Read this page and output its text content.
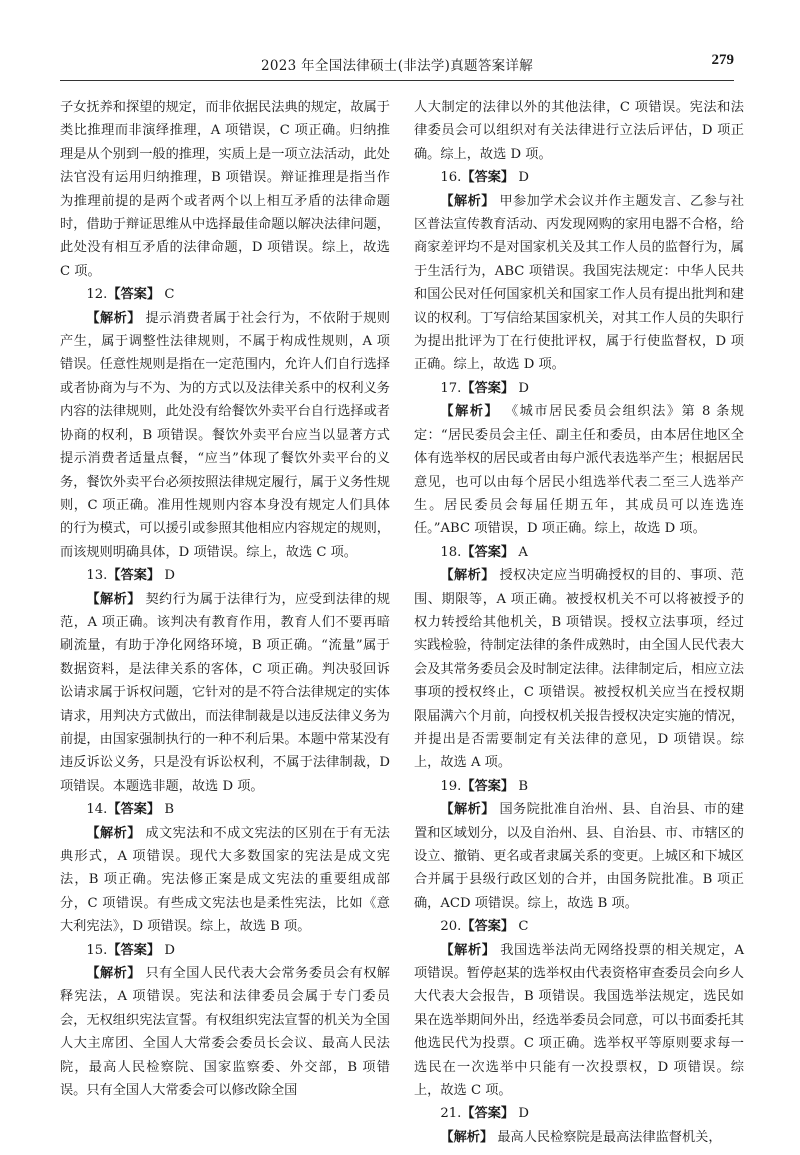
2023 年全国法律硕士(非法学)真题答案详解	279

子女抚养和探望的规定，而非依据民法典的规定，故属于类比推理而非演绎推理，A 项错误，C 项正确。归纳推理是从个别到一般的推理，实质上是一项立法活动，此处法官没有运用归纳推理，B 项错误。辩证推理是指当作为推理前提的是两个或者两个以上相互矛盾的法律命题时，借助于辩证思维从中选择最佳命题以解决法律问题，此处没有相互矛盾的法律命题，D 项错误。综上，故选 C 项。

12.【答案】 C

【解析】 提示消费者属于社会行为，不依附于规则产生，属于调整性法律规则，不属于构成性规则，A 项错误。任意性规则是指在一定范围内，允许人们自行选择或者协商为与不为、为的方式以及法律关系中的权利义务内容的法律规则，此处没有给餐饮外卖平台自行选择或者协商的权利，B 项错误。餐饮外卖平台应当以显著方式提示消费者适量点餐，“应当”体现了餐饮外卖平台的义务，餐饮外卖平台必须按照法律规定履行，属于义务性规则，C 项正确。准用性规则内容本身没有规定人们具体的行为模式，可以援引或参照其他相应内容规定的规则，而该规则明确具体，D 项错误。综上，故选 C 项。

13.【答案】 D

【解析】 契约行为属于法律行为，应受到法律的规范，A 项正确。该判决有教育作用，教育人们不要再暗刷流量，有助于净化网络环境，B 项正确。“流量”属于数据资料，是法律关系的客体，C 项正确。判决驳回诉讼请求属于诉权问题，它针对的是不符合法律规定的实体请求，用判决方式做出，而法律制裁是以违反法律义务为前提，由国家强制执行的一种不利后果。本题中常某没有违反诉讼义务，只是没有诉讼权利，不属于法律制裁，D 项错误。本题选非题，故选 D 项。

14.【答案】 B

【解析】 成文宪法和不成文宪法的区别在于有无法典形式，A 项错误。现代大多数国家的宪法是成文宪法，B 项正确。宪法修正案是成文宪法的重要组成部分，C 项错误。有些成文宪法也是柔性宪法，比如《意大利宪法》，D 项错误。综上，故选 B 项。

15.【答案】 D

【解析】 只有全国人民代表大会常务委员会有权解释宪法，A 项错误。宪法和法律委员会属于专门委员会，无权组织宪法宣誓。有权组织宪法宣誓的机关为全国人大主席团、全国人大常委会委员长会议、最高人民法院，最高人民检察院、国家监察委、外交部，B 项错误。只有全国人大常委会可以修改除全国

人大制定的法律以外的其他法律，C 项错误。宪法和法律委员会可以组织对有关法律进行立法后评估，D 项正确。综上，故选 D 项。

16.【答案】 D

【解析】 甲参加学术会议并作主题发言、乙参与社区普法宣传教育活动、丙发现网购的家用电器不合格，给商家差评均不是对国家机关及其工作人员的监督行为，属于生活行为，ABC 项错误。我国宪法规定：中华人民共和国公民对任何国家机关和国家工作人员有提出批判和建议的权利。丁写信给某国家机关，对其工作人员的失职行为提出批评为丁在行使批评权，属于行使监督权，D 项正确。综上，故选 D 项。

17.【答案】 D

【解析】 《城市居民委员会组织法》第 8 条规定：“居民委员会主任、副主任和委员，由本居住地区全体有选举权的居民或者由每户派代表选举产生；根据居民意见，也可以由每个居民小组选举代表二至三人选举产生。居民委员会每届任期五年，其成员可以连选连任。”ABC 项错误，D 项正确。综上，故选 D 项。

18.【答案】 A

【解析】 授权决定应当明确授权的目的、事项、范围、期限等，A 项正确。被授权机关不可以将被授予的权力转授给其他机关，B 项错误。授权立法事项，经过实践检验，待制定法律的条件成熟时，由全国人民代表大会及其常务委员会及时制定法律。法律制定后，相应立法事项的授权终止，C 项错误。被授权机关应当在授权期限届满六个月前，向授权机关报告授权决定实施的情况，并提出是否需要制定有关法律的意见，D 项错误。综上，故选 A 项。

19.【答案】 B

【解析】 国务院批准自治州、县、自治县、市的建置和区域划分，以及自治州、县、自治县、市、市辖区的设立、撤销、更名或者隶属关系的变更。上城区和下城区合并属于县级行政区划的合并，由国务院批准。B 项正确，ACD 项错误。综上，故选 B 项。

20.【答案】 C

【解析】 我国选举法尚无网络投票的相关规定，A 项错误。暂停赵某的选举权由代表资格审查委员会向乡人大代表大会报告，B 项错误。我国选举法规定，选民如果在选举期间外出，经选举委员会同意，可以书面委托其他选民代为投票。C 项正确。选举权平等原则要求每一选民在一次选举中只能有一次投票权，D 项错误。综上，故选 C 项。

21.【答案】 D

【解析】 最高人民检察院是最高法律监督机关，
